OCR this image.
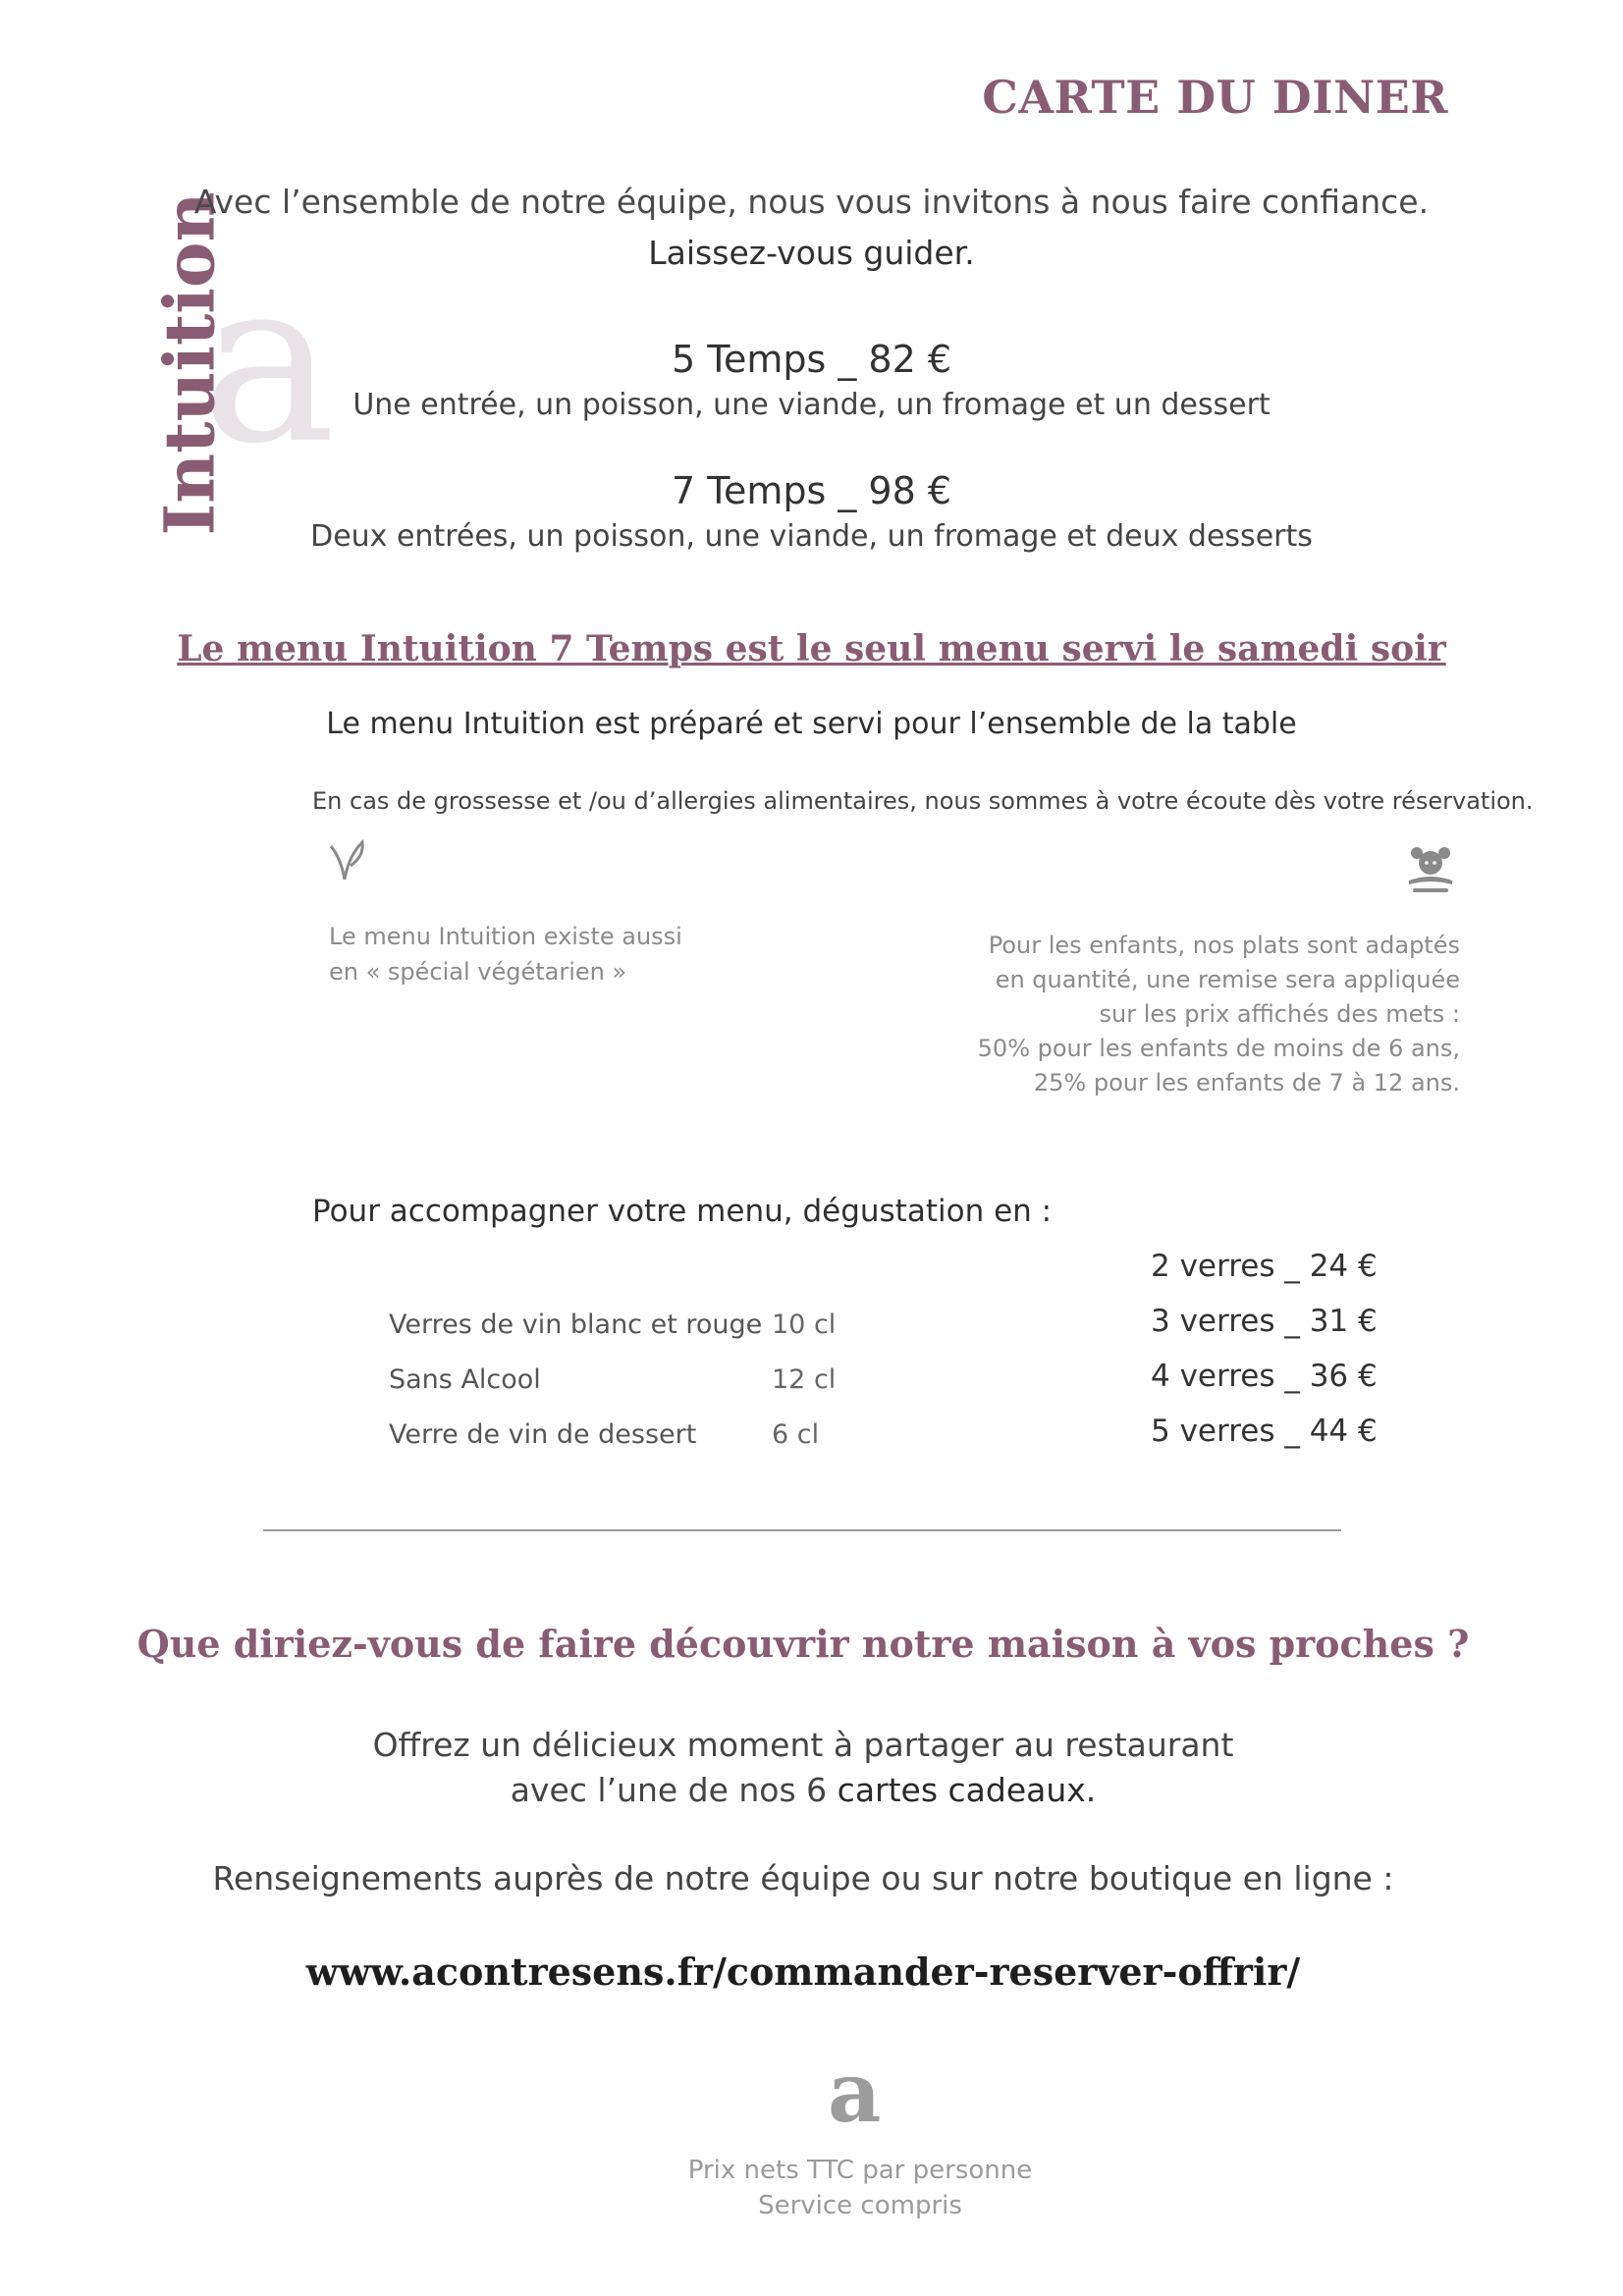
CARTE DU DINER
a
Intuition
Avec l’ensemble de notre équipe, nous vous invitons à nous faire confiance.
Laissez-vous guider.
5 Temps _ 82 €
Une entrée, un poisson, une viande, un fromage et un dessert
7 Temps _ 98 €
Deux entrées, un poisson, une viande, un fromage et deux desserts
Le menu Intuition 7 Temps est le seul menu servi le samedi soir
Le menu Intuition est préparé et servi pour l’ensemble de la table
En cas de grossesse et /ou d’allergies alimentaires, nous sommes à votre écoute dès votre réservation.
Le menu Intuition existe aussi
en « spécial végétarien »
Pour les enfants, nos plats sont adaptés
en quantité, une remise sera appliquée
sur les prix affichés des mets :
50% pour les enfants de moins de 6 ans,
25% pour les enfants de 7 à 12 ans.
Pour accompagner votre menu, dégustation en :
Verres de vin blanc et rouge 10 cl
Sans Alcool	12 cl
Verre de vin de dessert	6 cl
2 verres _ 24 €
3 verres _ 31 €
4 verres _ 36 €
5 verres _ 44 €
Que diriez-vous de faire découvrir notre maison à vos proches ?
Offrez un délicieux moment à partager au restaurant
avec l’une de nos 6 cartes cadeaux.
Renseignements auprès de notre équipe ou sur notre boutique en ligne :
www.acontresens.fr/commander-reserver-offrir/
a
Prix nets TTC par personne
Service compris
